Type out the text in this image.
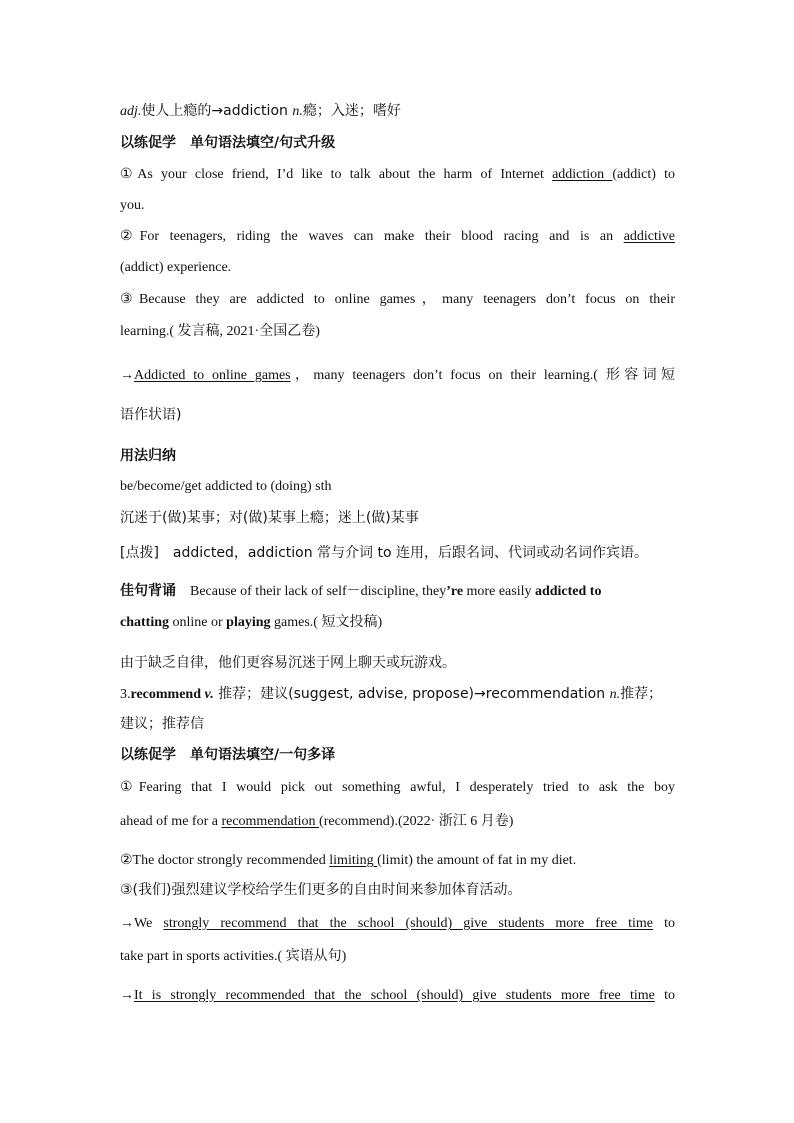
adj.使人上瘾的→addiction n.瘾；入迷；嗜好
以练促学　单句语法填空/句式升级
①As your close friend, I’d like to talk about the harm of Internet addiction (addict) to
you.
②For teenagers, riding the waves can make their blood racing and is an addictive
(addict) experience.
③Because they are addicted to online games，many teenagers don’t focus on their
learning.( 发言稿, 2021·全国乙卷)
→Addicted to online games，many teenagers don’t focus on their learning.( 形容词短
语作状语)
用法归纳
be/become/get addicted to (doing) sth
沉迷于(做)某事；对(做)某事上瘾；迷上(做)某事
[点拨]　addicted，addiction 常与介词 to 连用，后跟名词、代词或动名词作宾语。
佳句背诵　Because of their lack of self－discipline, they’re more easily addicted to
chatting online or playing games.( 短文投稿)
由于缺乏自律，他们更容易沉迷于网上聊天或玩游戏。
3.recommend v. 推荐；建议(suggest, advise, propose)→recommendation n.推荐；
建议；推荐信
以练促学　单句语法填空/一句多译
①Fearing that I would pick out something awful, I desperately tried to ask the boy
ahead of me for a recommendation (recommend).(2022· 浙江 6 月卷)
②The doctor strongly recommended limiting (limit) the amount of fat in my diet.
③(我们)强烈建议学校给学生们更多的自由时间来参加体育活动。
→We strongly recommend that the school (should) give students more free time to
take part in sports activities.( 宾语从句)
→It is strongly recommended that the school (should) give students more free time to
